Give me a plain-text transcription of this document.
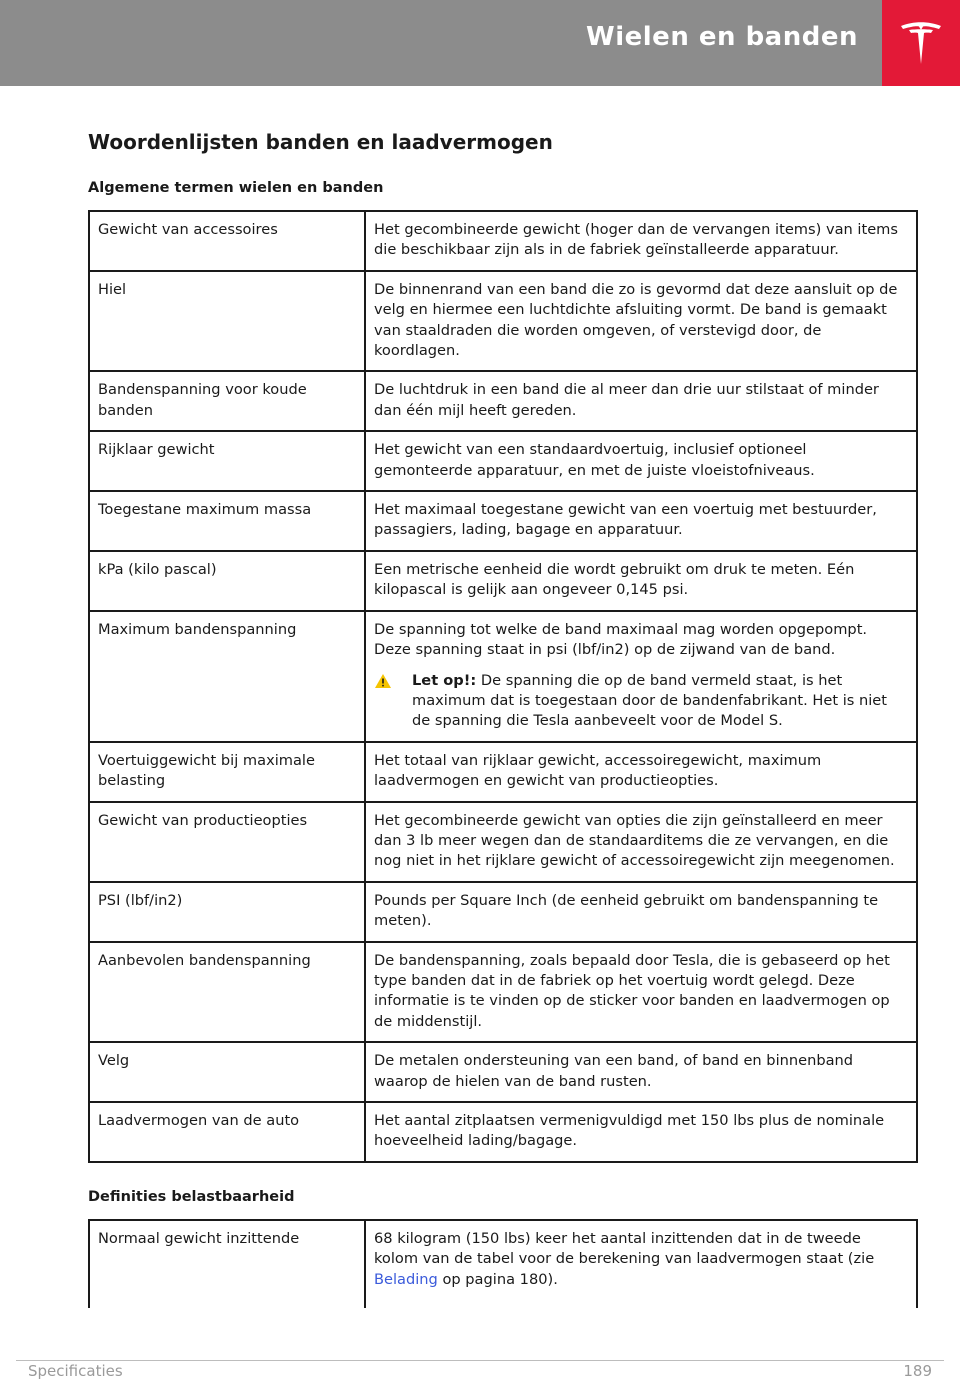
Wielen en banden
Woordenlijsten banden en laadvermogen
Algemene termen wielen en banden
Gewicht van accessoires	Het gecombineerde gewicht (hoger dan de vervangen items) van items die beschikbaar zijn als in de fabriek geïnstalleerde apparatuur.
Hiel	De binnenrand van een band die zo is gevormd dat deze aansluit op de velg en hiermee een luchtdichte afsluiting vormt. De band is gemaakt van staaldraden die worden omgeven, of verstevigd door, de koordlagen.
Bandenspanning voor koude banden	De luchtdruk in een band die al meer dan drie uur stilstaat of minder dan één mijl heeft gereden.
Rijklaar gewicht	Het gewicht van een standaardvoertuig, inclusief optioneel gemonteerde apparatuur, en met de juiste vloeistofniveaus.
Toegestane maximum massa	Het maximaal toegestane gewicht van een voertuig met bestuurder, passagiers, lading, bagage en apparatuur.
kPa (kilo pascal)	Een metrische eenheid die wordt gebruikt om druk te meten. Eén kilopascal is gelijk aan ongeveer 0,145 psi.
Maximum bandenspanning	De spanning tot welke de band maximaal mag worden opgepompt. Deze spanning staat in psi (lbf/in2) op de zijwand van de band.
Let op!: De spanning die op de band vermeld staat, is het maximum dat is toegestaan door de bandenfabrikant. Het is niet de spanning die Tesla aanbeveelt voor de Model S.

Voertuiggewicht bij maximale belasting	Het totaal van rijklaar gewicht, accessoiregewicht, maximum laadvermogen en gewicht van productieopties.
Gewicht van productieopties	Het gecombineerde gewicht van opties die zijn geïnstalleerd en meer dan 3 lb meer wegen dan de standaarditems die ze vervangen, en die nog niet in het rijklare gewicht of accessoiregewicht zijn meegenomen.
PSI (lbf/in2)	Pounds per Square Inch (de eenheid gebruikt om bandenspanning te meten).
Aanbevolen bandenspanning	De bandenspanning, zoals bepaald door Tesla, die is gebaseerd op het type banden dat in de fabriek op het voertuig wordt gelegd. Deze informatie is te vinden op de sticker voor banden en laadvermogen op de middenstijl.
Velg	De metalen ondersteuning van een band, of band en binnenband waarop de hielen van de band rusten.
Laadvermogen van de auto	Het aantal zitplaatsen vermenigvuldigd met 150 lbs plus de nominale hoeveelheid lading/bagage.
Definities belastbaarheid
Normaal gewicht inzittende	68 kilogram (150 lbs) keer het aantal inzittenden dat in de tweede kolom van de tabel voor de berekening van laadvermogen staat (zie Belading op pagina 180).
Specificaties	189
